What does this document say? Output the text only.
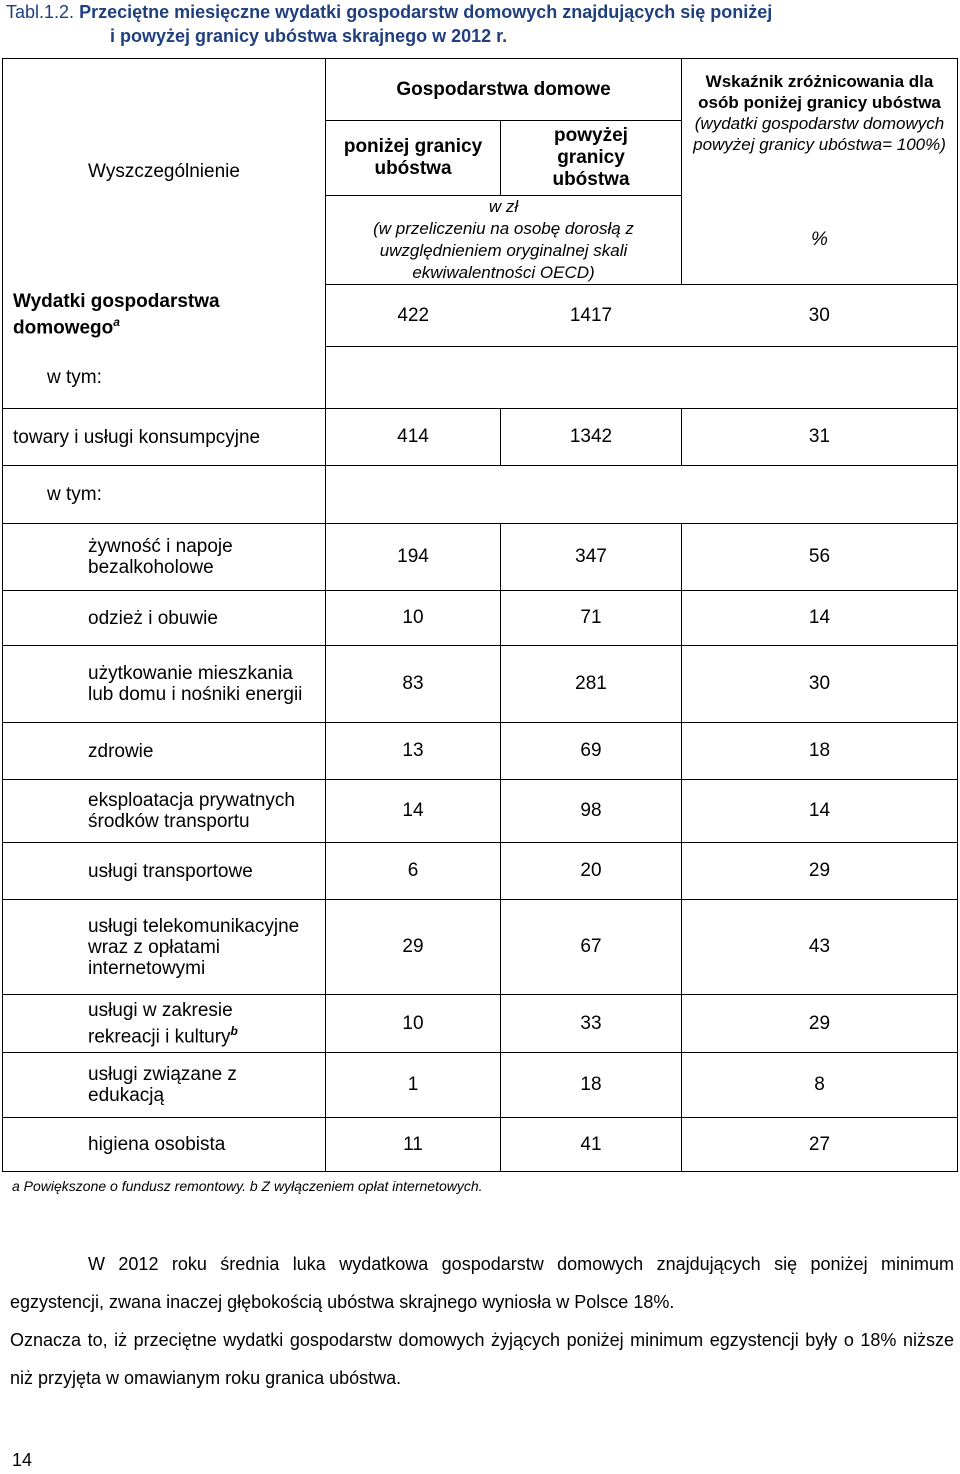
Tabl.1.2. Przeciętne miesięczne wydatki gospodarstw domowych znajdujących się poniżej
i powyżej granicy ubóstwa skrajnego w 2012 r.
Wyszczególnienie	Gospodarstwa domowe		Wskaźnik zróżnicowania dla osób poniżej granicy ubóstwa (wydatki gospodarstw domowych powyżej granicy ubóstwa= 100%)
	poniżej granicy ubóstwa	powyżej granicy ubóstwa	

	w zł
(w przeliczeniu na osobę dorosłą z uwzględnieniem oryginalnej skali ekwiwalentności OECD)		%
Wydatki gospodarstwa domowego$^a$	422	1417	30
w tym:			
towary i usługi konsumpcyjne	414	1342	31
w tym:			
żywność i napoje bezalkoholowe	194	347	56
odzież i obuwie	10	71	14
użytkowanie mieszkania lub domu i nośniki energii	83	281	30
zdrowie	13	69	18
eksploatacja prywatnych środków transportu	14	98	14
usługi transportowe	6	20	29
usługi telekomunikacyjne wraz z opłatami internetowymi	29	67	43
usługi w zakresie rekreacji i kultury$^b$	10	33	29
usługi związane z edukacją	1	18	8
higiena osobista	11	41	27
a Powiększone o fundusz remontowy. b Z wyłączeniem opłat internetowych.

W 2012 roku średnia luka wydatkowa gospodarstw domowych znajdujących się poniżej minimum egzystencji, zwana inaczej głębokością ubóstwa skrajnego wyniosła w Polsce 18%.

Oznacza to, iż przeciętne wydatki gospodarstw domowych żyjących poniżej minimum egzystencji były o 18% niższe niż przyjęta w omawianym roku granica ubóstwa.

14
